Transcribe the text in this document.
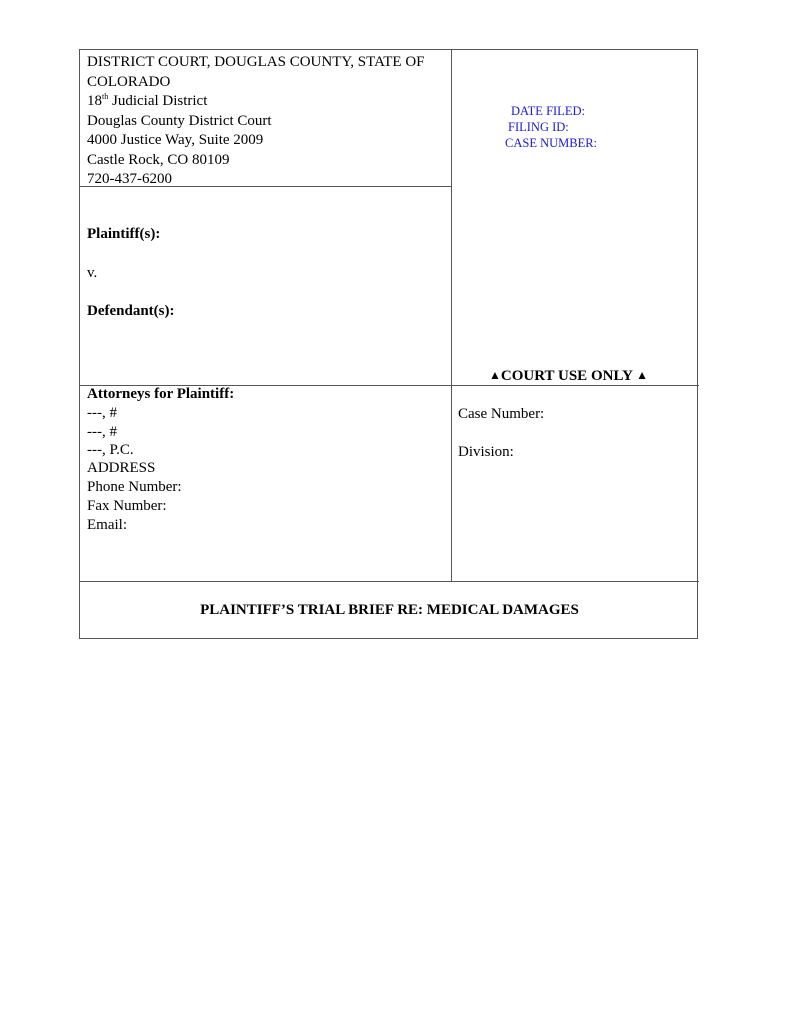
DISTRICT COURT, DOUGLAS COUNTY, STATE OF COLORADO
18th Judicial District
Douglas County District Court
4000 Justice Way, Suite 2009
Castle Rock, CO 80109
720-437-6200
DATE FILED:
FILING ID:
CASE NUMBER:
Plaintiff(s):
v.
Defendant(s):
▲COURT USE ONLY ▲
Attorneys for Plaintiff:
---, #
---, #
---, P.C.
ADDRESS
Phone Number:
Fax Number:
Email:
Case Number:
Division:
PLAINTIFF’S TRIAL BRIEF RE: MEDICAL DAMAGES
